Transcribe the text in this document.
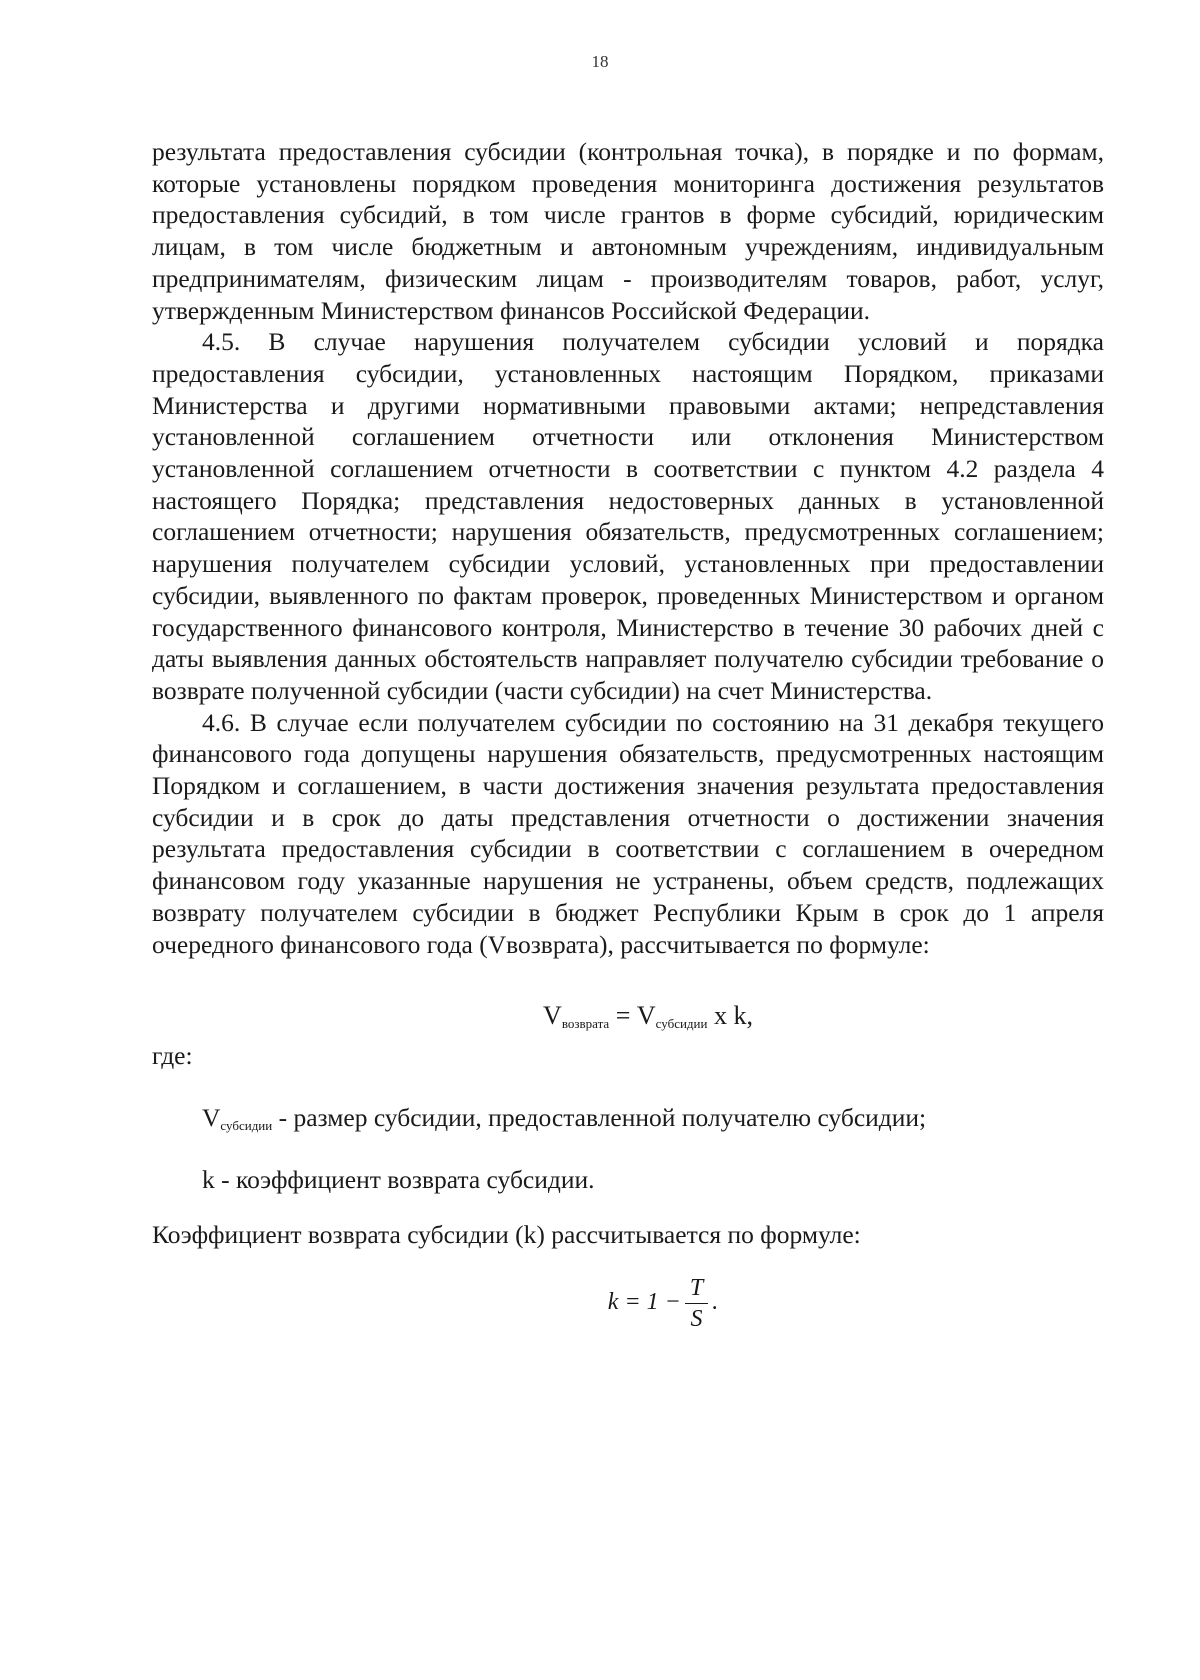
18

результата предоставления субсидии (контрольная точка), в порядке и по формам, которые установлены порядком проведения мониторинга достижения результатов предоставления субсидий, в том числе грантов в форме субсидий, юридическим лицам, в том числе бюджетным и автономным учреждениям, индивидуальным предпринимателям, физическим лицам - производителям товаров, работ, услуг, утвержденным Министерством финансов Российской Федерации.

4.5. В случае нарушения получателем субсидии условий и порядка предоставления субсидии, установленных настоящим Порядком, приказами Министерства и другими нормативными правовыми актами; непредставления установленной соглашением отчетности или отклонения Министерством установленной соглашением отчетности в соответствии с пунктом 4.2 раздела 4 настоящего Порядка; представления недостоверных данных в установленной соглашением отчетности; нарушения обязательств, предусмотренных соглашением; нарушения получателем субсидии условий, установленных при предоставлении субсидии, выявленного по фактам проверок, проведенных Министерством и органом государственного финансового контроля, Министерство в течение 30 рабочих дней с даты выявления данных обстоятельств направляет получателю субсидии требование о возврате полученной субсидии (части субсидии) на счет Министерства.

4.6. В случае если получателем субсидии по состоянию на 31 декабря текущего финансового года допущены нарушения обязательств, предусмотренных настоящим Порядком и соглашением, в части достижения значения результата предоставления субсидии и в срок до даты представления отчетности о достижении значения результата предоставления субсидии в соответствии с соглашением в очередном финансовом году указанные нарушения не устранены, объем средств, подлежащих возврату получателем субсидии в бюджет Республики Крым в срок до 1 апреля очередного финансового года (Vвозврата), рассчитывается по формуле:

$V_{возврата} = V_{субсидии}$ x k,

где:

$V_{субсидии}$ - размер субсидии, предоставленной получателю субсидии;

k - коэффициент возврата субсидии.

Коэффициент возврата субсидии (k) рассчитывается по формуле:

$k = 1 - \frac{T}{S}$ .
